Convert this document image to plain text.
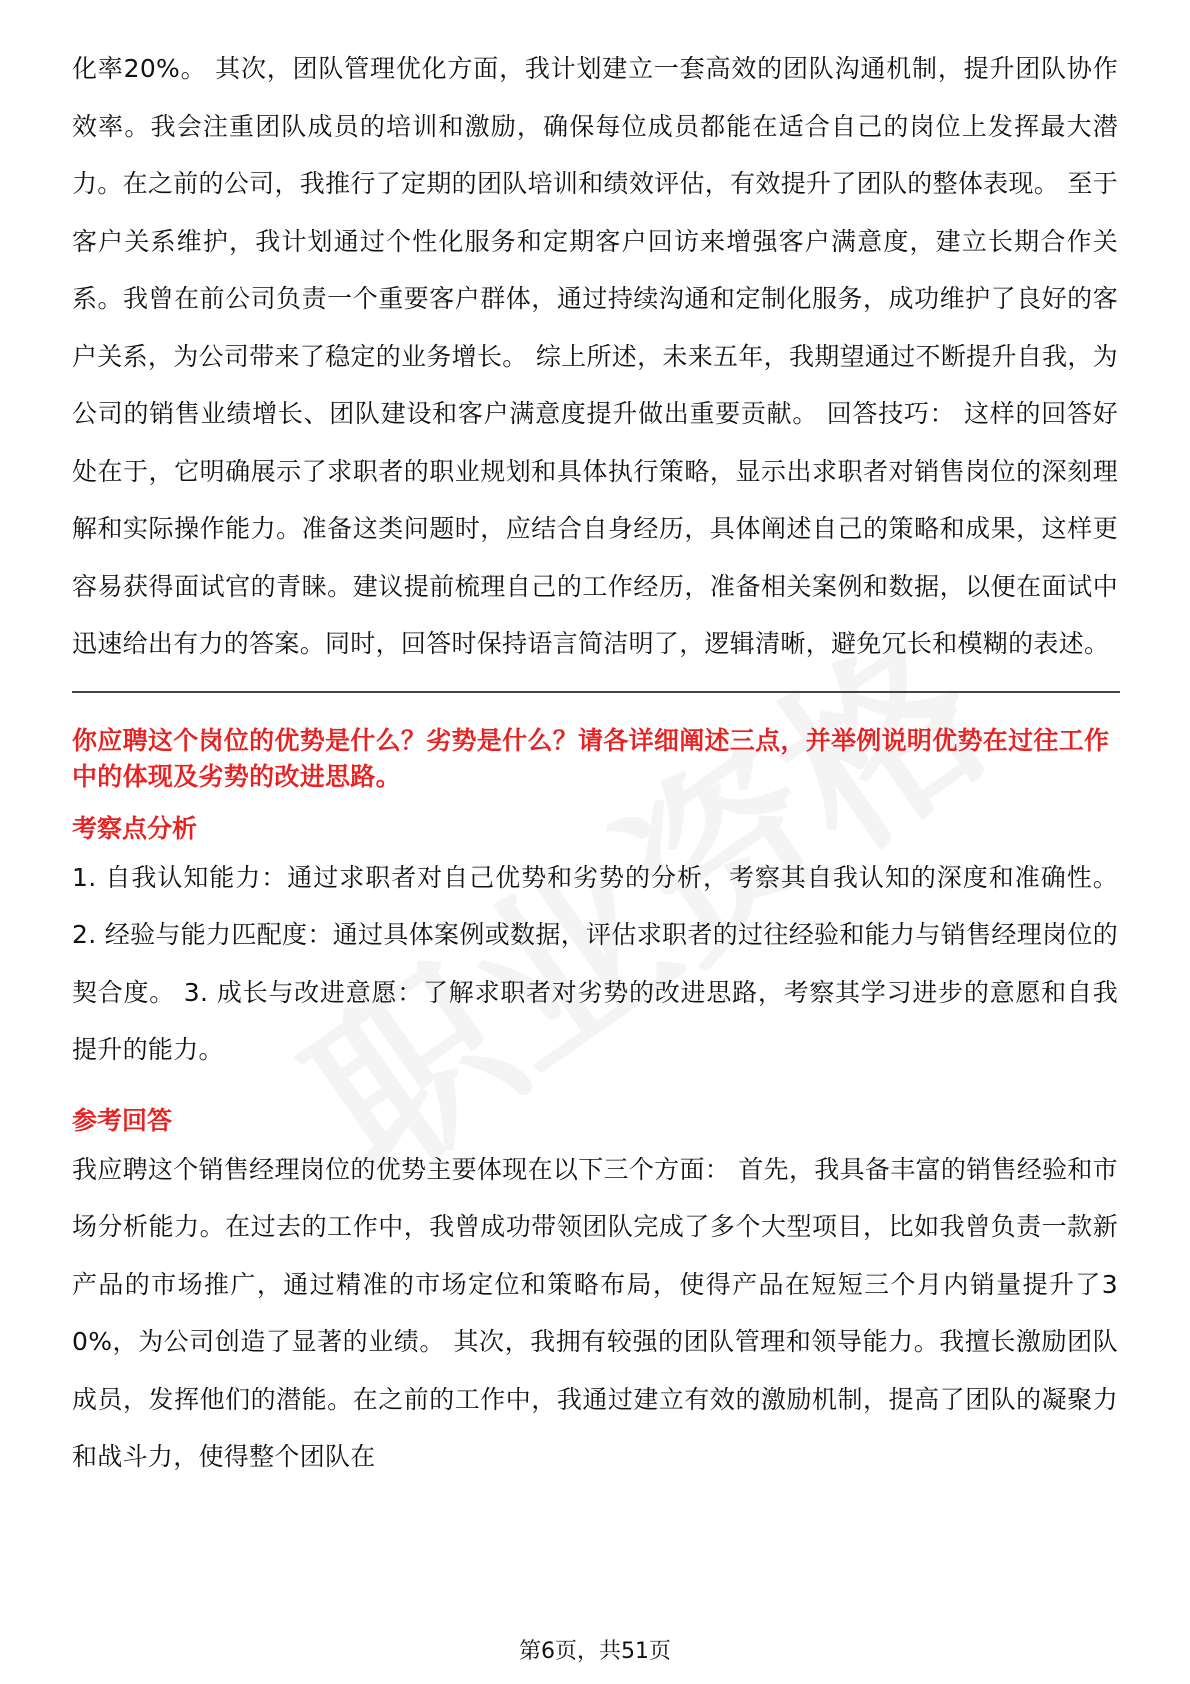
化率20%。 其次，团队管理优化方面，我计划建立一套高效的团队沟通机制，提升团队协作效率。我会注重团队成员的培训和激励，确保每位成员都能在适合自己的岗位上发挥最大潜力。在之前的公司，我推行了定期的团队培训和绩效评估，有效提升了团队的整体表现。 至于客户关系维护，我计划通过个性化服务和定期客户回访来增强客户满意度，建立长期合作关系。我曾在前公司负责一个重要客户群体，通过持续沟通和定制化服务，成功维护了良好的客户关系，为公司带来了稳定的业务增长。 综上所述，未来五年，我期望通过不断提升自我，为公司的销售业绩增长、团队建设和客户满意度提升做出重要贡献。 回答技巧： 这样的回答好处在于，它明确展示了求职者的职业规划和具体执行策略，显示出求职者对销售岗位的深刻理解和实际操作能力。准备这类问题时，应结合自身经历，具体阐述自己的策略和成果，这样更容易获得面试官的青睐。建议提前梳理自己的工作经历，准备相关案例和数据，以便在面试中迅速给出有力的答案。同时，回答时保持语言简洁明了，逻辑清晰，避免冗长和模糊的表述。

你应聘这个岗位的优势是什么？劣势是什么？请各详细阐述三点，并举例说明优势在过往工作中的体现及劣势的改进思路。
考察点分析

1. 自我认知能力：通过求职者对自己优势和劣势的分析，考察其自我认知的深度和准确性。 2. 经验与能力匹配度：通过具体案例或数据，评估求职者的过往经验和能力与销售经理岗位的契合度。 3. 成长与改进意愿：了解求职者对劣势的改进思路，考察其学习进步的意愿和自我提升的能力。

参考回答

我应聘这个销售经理岗位的优势主要体现在以下三个方面： 首先，我具备丰富的销售经验和市场分析能力。在过去的工作中，我曾成功带领团队完成了多个大型项目，比如我曾负责一款新产品的市场推广，通过精准的市场定位和策略布局，使得产品在短短三个月内销量提升了30%，为公司创造了显著的业绩。 其次，我拥有较强的团队管理和领导能力。我擅长激励团队成员，发挥他们的潜能。在之前的工作中，我通过建立有效的激励机制，提高了团队的凝聚力和战斗力，使得整个团队在

第6页，共51页
